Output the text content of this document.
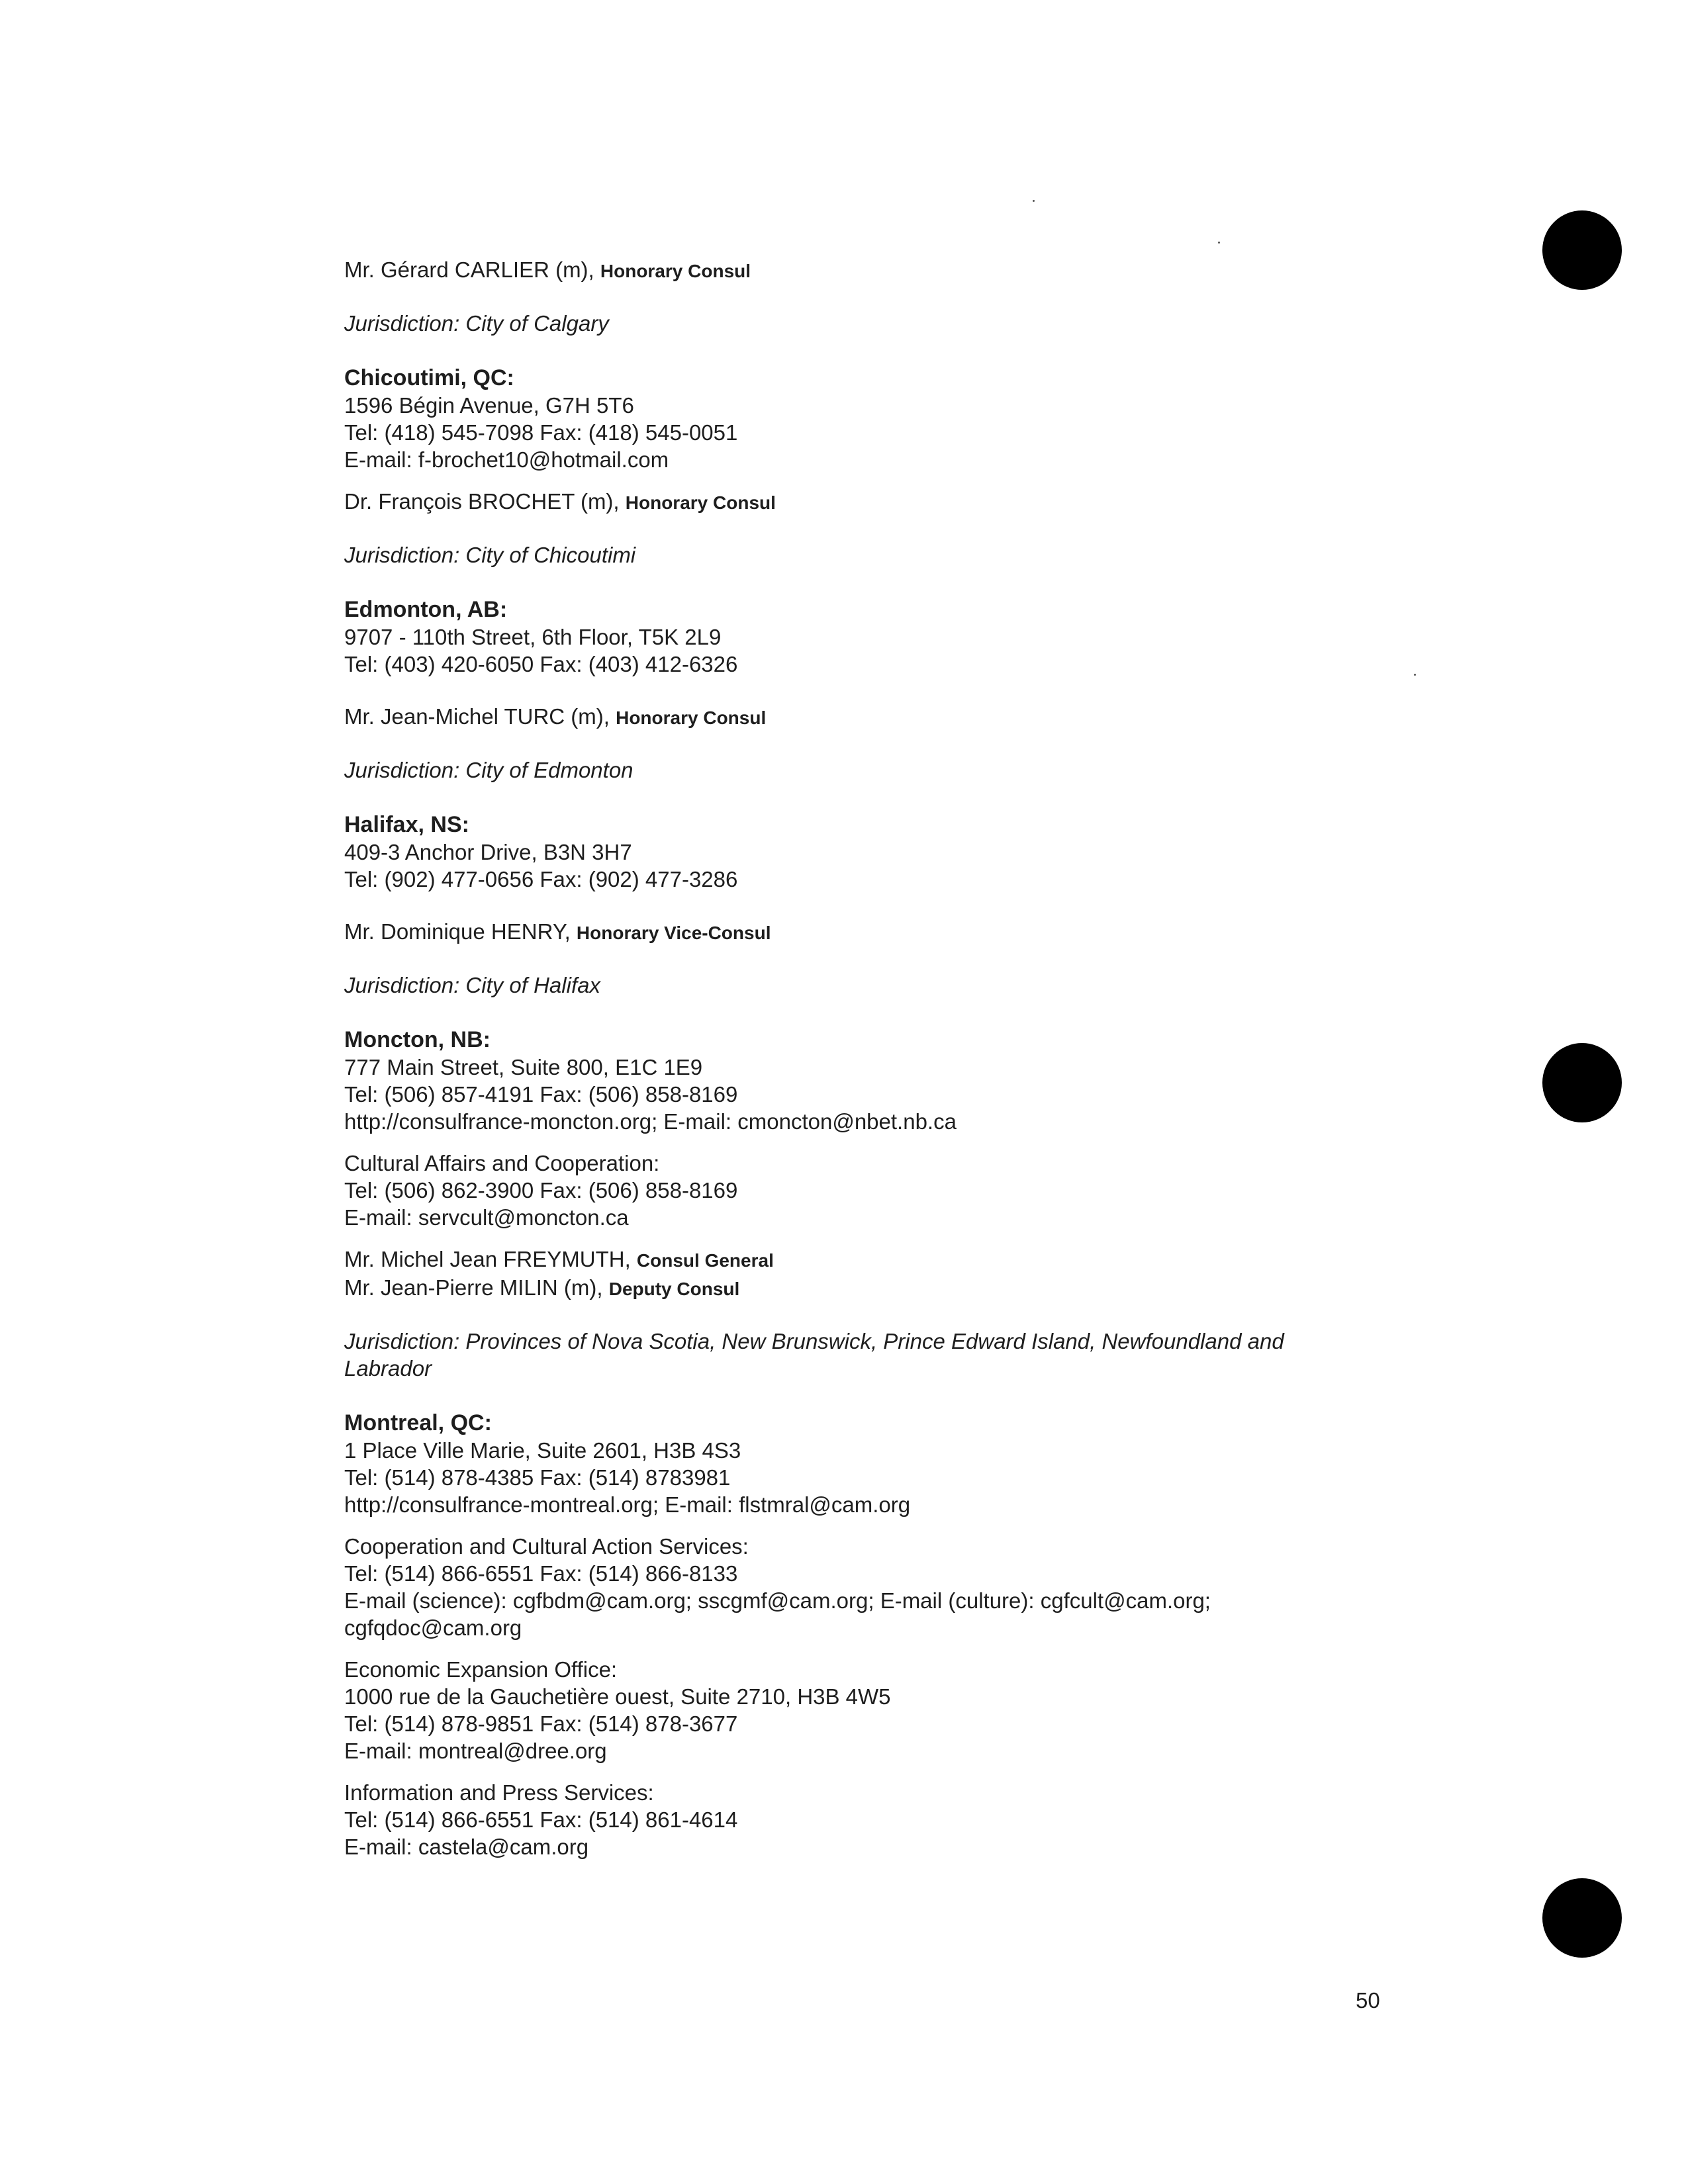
Mr. Gérard CARLIER (m), Honorary Consul
Jurisdiction: City of Calgary
Chicoutimi, QC:
1596 Bégin Avenue, G7H 5T6
Tel: (418) 545-7098 Fax: (418) 545-0051
E-mail: f-brochet10@hotmail.com
Dr. François BROCHET (m), Honorary Consul
Jurisdiction: City of Chicoutimi
Edmonton, AB:
9707 - 110th Street, 6th Floor, T5K 2L9
Tel: (403) 420-6050 Fax: (403) 412-6326
Mr. Jean-Michel TURC (m), Honorary Consul
Jurisdiction: City of Edmonton
Halifax, NS:
409-3 Anchor Drive, B3N 3H7
Tel: (902) 477-0656 Fax: (902) 477-3286
Mr. Dominique HENRY, Honorary Vice-Consul
Jurisdiction: City of Halifax
Moncton, NB:
777 Main Street, Suite 800, E1C 1E9
Tel: (506) 857-4191 Fax: (506) 858-8169
http://consulfrance-moncton.org; E-mail: cmoncton@nbet.nb.ca
Cultural Affairs and Cooperation:
Tel: (506) 862-3900 Fax: (506) 858-8169
E-mail: servcult@moncton.ca
Mr. Michel Jean FREYMUTH, Consul General
Mr. Jean-Pierre MILIN (m), Deputy Consul
Jurisdiction: Provinces of Nova Scotia, New Brunswick, Prince Edward Island, Newfoundland and Labrador
Montreal, QC:
1 Place Ville Marie, Suite 2601, H3B 4S3
Tel: (514) 878-4385 Fax: (514) 8783981
http://consulfrance-montreal.org; E-mail: flstmral@cam.org
Cooperation and Cultural Action Services:
Tel: (514) 866-6551 Fax: (514) 866-8133
E-mail (science): cgfbdm@cam.org; sscgmf@cam.org; E-mail (culture): cgfcult@cam.org; cgfqdoc@cam.org
Economic Expansion Office:
1000 rue de la Gauchetière ouest, Suite 2710, H3B 4W5
Tel: (514) 878-9851 Fax: (514) 878-3677
E-mail: montreal@dree.org
Information and Press Services:
Tel: (514) 866-6551 Fax: (514) 861-4614
E-mail: castela@cam.org
50
